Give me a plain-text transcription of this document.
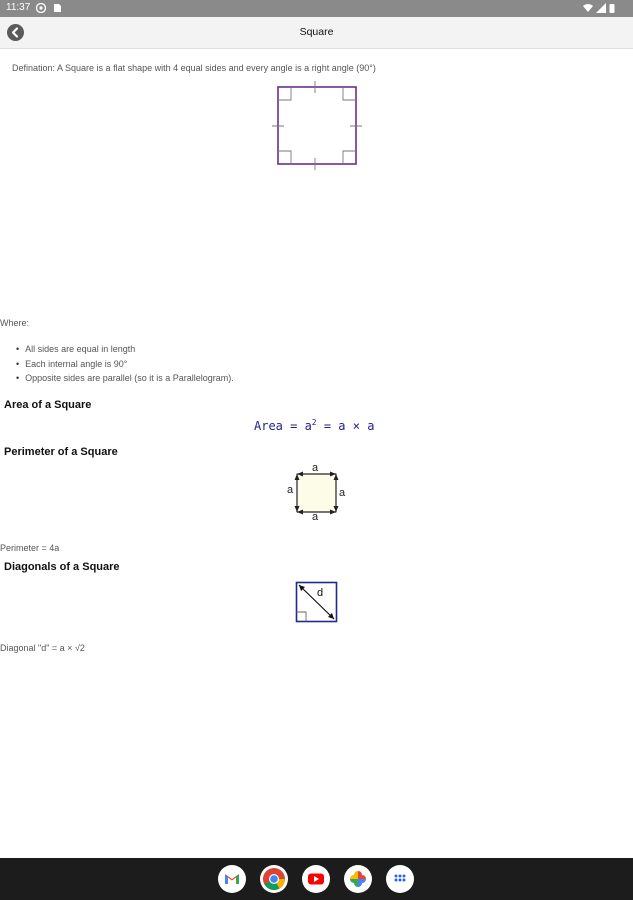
11:37
Square
Defination: A Square is a flat shape with 4 equal sides and every angle is a right angle (90°)
Where:
• All sides are equal in length
• Each internal angle is 90°
• Opposite sides are parallel (so it is a Parallelogram).
Area of a Square
Area = $a^2 = a \times a$
Perimeter of a Square
a
a	a
a
Perimeter = 4a
Diagonals of a Square
d
Diagonal "d" = a × √2
